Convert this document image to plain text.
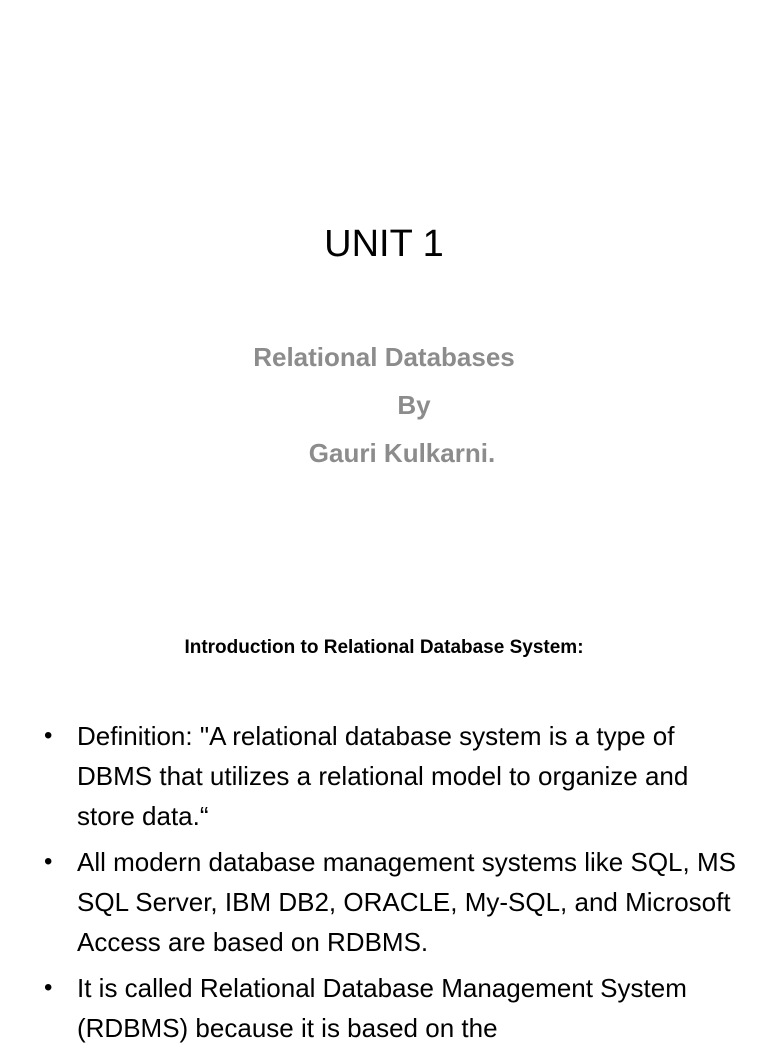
UNIT 1
Relational Databases
By
Gauri Kulkarni.
Introduction to Relational Database System:
• Definition: "A relational database system is a type of DBMS that utilizes a relational model to organize and store data.“
• All modern database management systems like SQL, MS SQL Server, IBM DB2, ORACLE, My-SQL, and Microsoft Access are based on RDBMS.
• It is called Relational Database Management System (RDBMS) because it is based on the
